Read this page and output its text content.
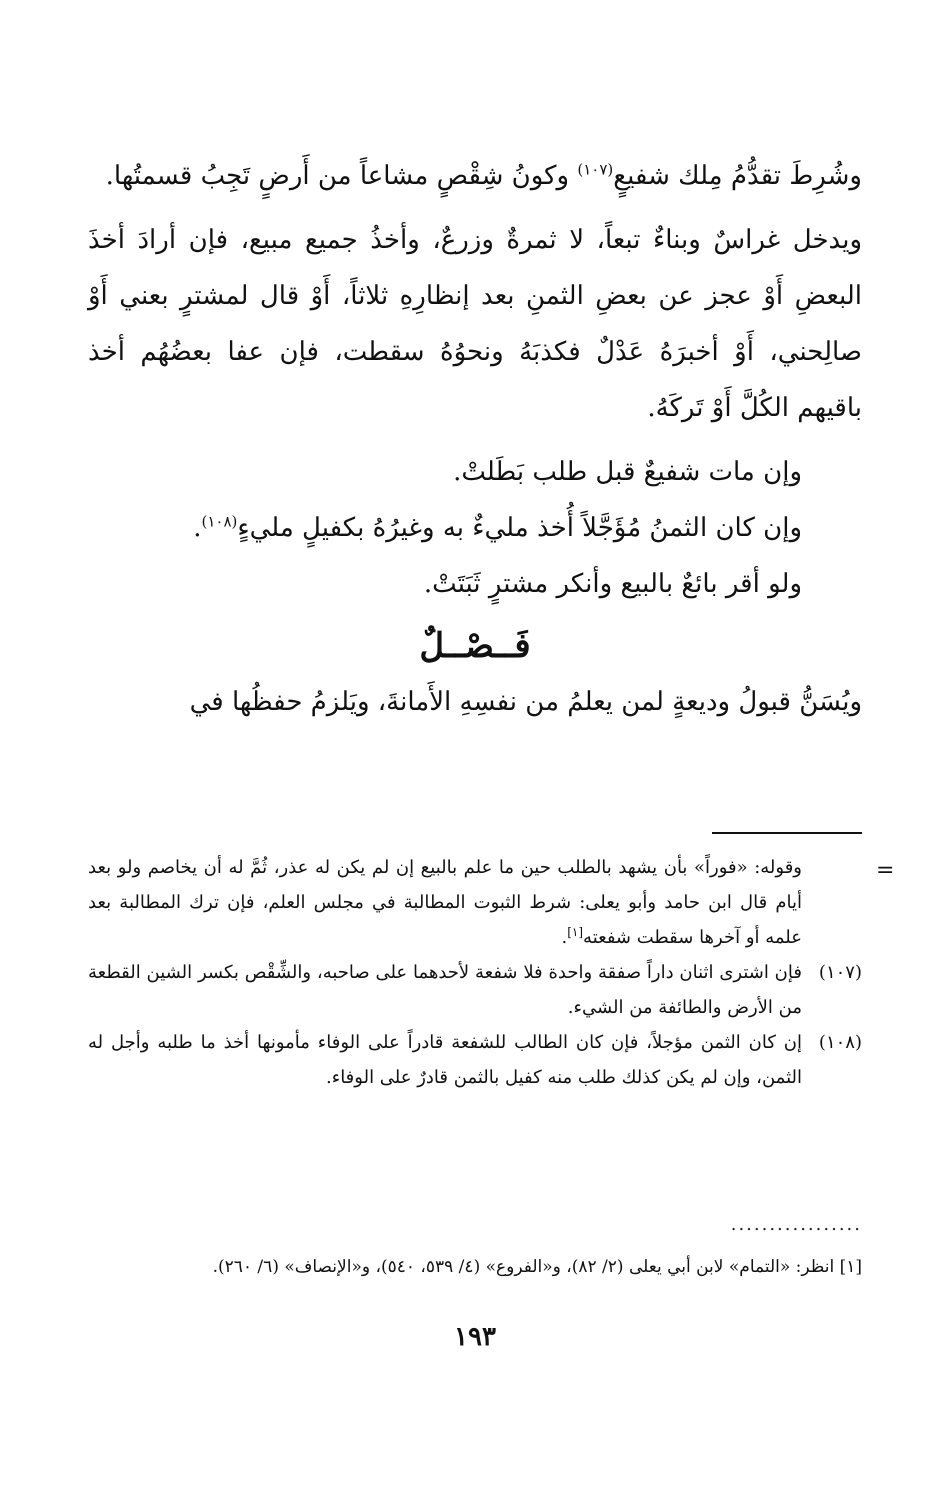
وشُرِطَ تقدُّمُ مِلك شفيعٍ$^{(١٠٧)}$ وكونُ شِقْصٍ مشاعاً من أَرضٍ تَجِبُ قسمتُها.

ويدخل غراسٌ وبناءٌ تبعاً، لا ثمرةٌ وزرعٌ، وأخذُ جميع مبيع، فإن أرادَ أخذَ البعضِ أَوْ عجز عن بعضِ الثمنِ بعد إنظارِهِ ثلاثاً، أَوْ قال لمشترٍ بعني أَوْ صالِحني، أَوْ أخبرَهُ عَدْلٌ فكذبَهُ ونحوُهُ سقطت، فإن عفا بعضُهُم أخذ باقيهم الكُلَّ أَوْ تَركَهُ.

وإن مات شفيعٌ قبل طلب بَطَلتْ.

وإن كان الثمنُ مُؤَجَّلاً أُخذ مليءٌ به وغيرُهُ بكفيلٍ مليءٍ$^{(١٠٨)}$.

ولو أقر بائعٌ بالبيع وأنكر مشترٍ ثَبَتَتْ.

فَــصْــلٌ

ويُسَنُّ قبولُ وديعةٍ لمن يعلمُ من نفسِهِ الأَمانةَ، ويَلزمُ حفظُها في

=

وقوله: «فوراً» بأن يشهد بالطلب حين ما علم بالبيع إن لم يكن له عذر، ثُمَّ له أن يخاصم ولو بعد أيام قال ابن حامد وأبو يعلى: شرط الثبوت المطالبة في مجلس العلم، فإن ترك المطالبة بعد علمه أو آخرها سقطت شفعته[١].

(١٠٧)
فإن اشترى اثنان داراً صفقة واحدة فلا شفعة لأحدهما على صاحبه، والشِّقْص بكسر الشين القطعة من الأرض والطائفة من الشيء.

(١٠٨)
إن كان الثمن مؤجلاً، فإن كان الطالب للشفعة قادراً على الوفاء مأمونها أخذ ما طلبه وأجل له الثمن، وإن لم يكن كذلك طلب منه كفيل بالثمن قادرٌ على الوفاء.

.................
[١] انظر: «التمام» لابن أبي يعلى (٢/ ٨٢)، و«الفروع» (٤/ ٥٣٩، ٥٤٠)، و«الإنصاف» (٦/ ٢٦٠).
١٩٣
